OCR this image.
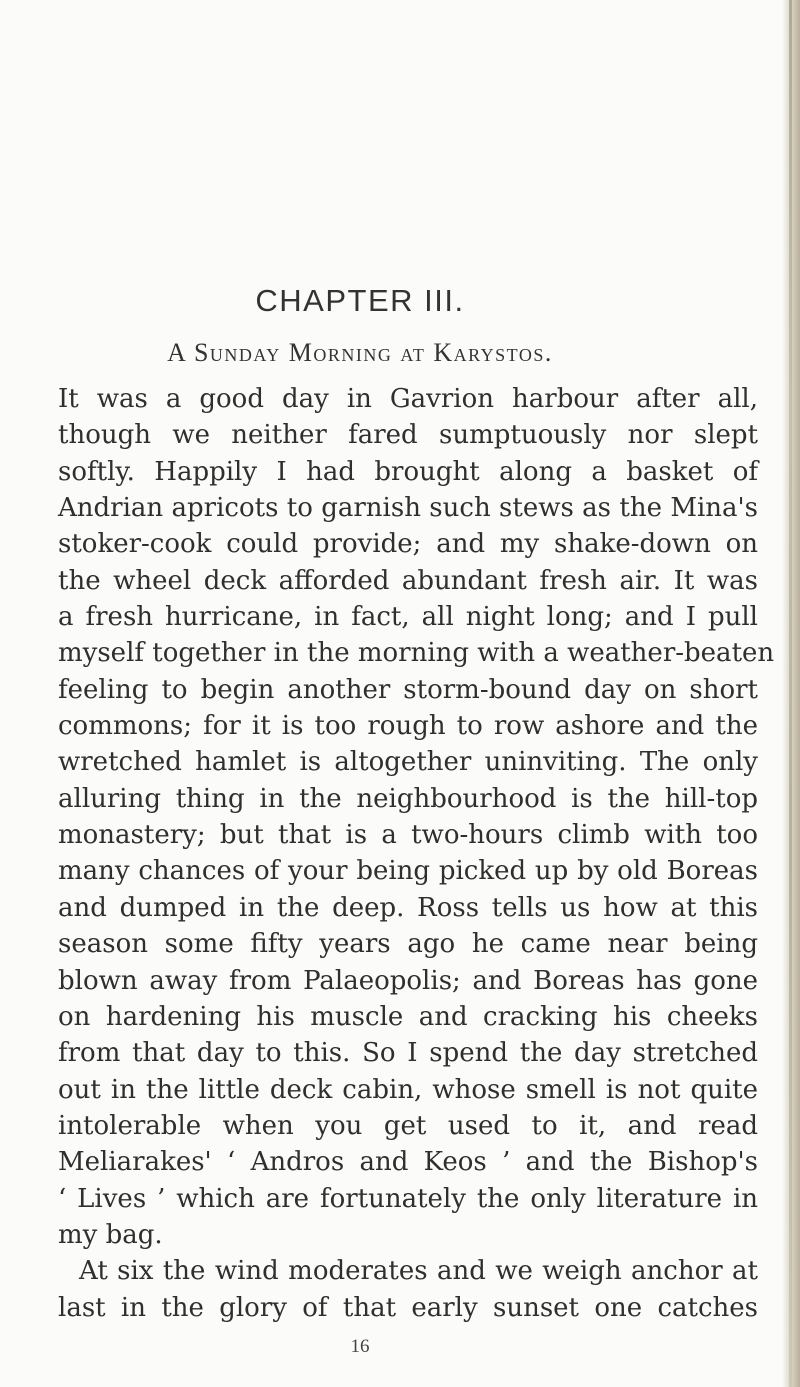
CHAPTER III.
A Sunday Morning at Karystos.
It was a good day in Gavrion harbour after all,
though we neither fared sumptuously nor slept
softly. Happily I had brought along a basket of
Andrian apricots to garnish such stews as the Mina's
stoker-cook could provide; and my shake-down on
the wheel deck afforded abundant fresh air. It was
a fresh hurricane, in fact, all night long; and I pull
myself together in the morning with a weather-beaten
feeling to begin another storm-bound day on short
commons; for it is too rough to row ashore and the
wretched hamlet is altogether uninviting. The only
alluring thing in the neighbourhood is the hill-top
monastery; but that is a two-hours climb with too
many chances of your being picked up by old Boreas
and dumped in the deep. Ross tells us how at this
season some fifty years ago he came near being
blown away from Palaeopolis; and Boreas has gone
on hardening his muscle and cracking his cheeks
from that day to this. So I spend the day stretched
out in the little deck cabin, whose smell is not quite
intolerable when you get used to it, and read
Meliarakes' ‘ Andros and Keos ’ and the Bishop's
‘ Lives ’ which are fortunately the only literature in
my bag.
At six the wind moderates and we weigh anchor at
last in the glory of that early sunset one catches
16
